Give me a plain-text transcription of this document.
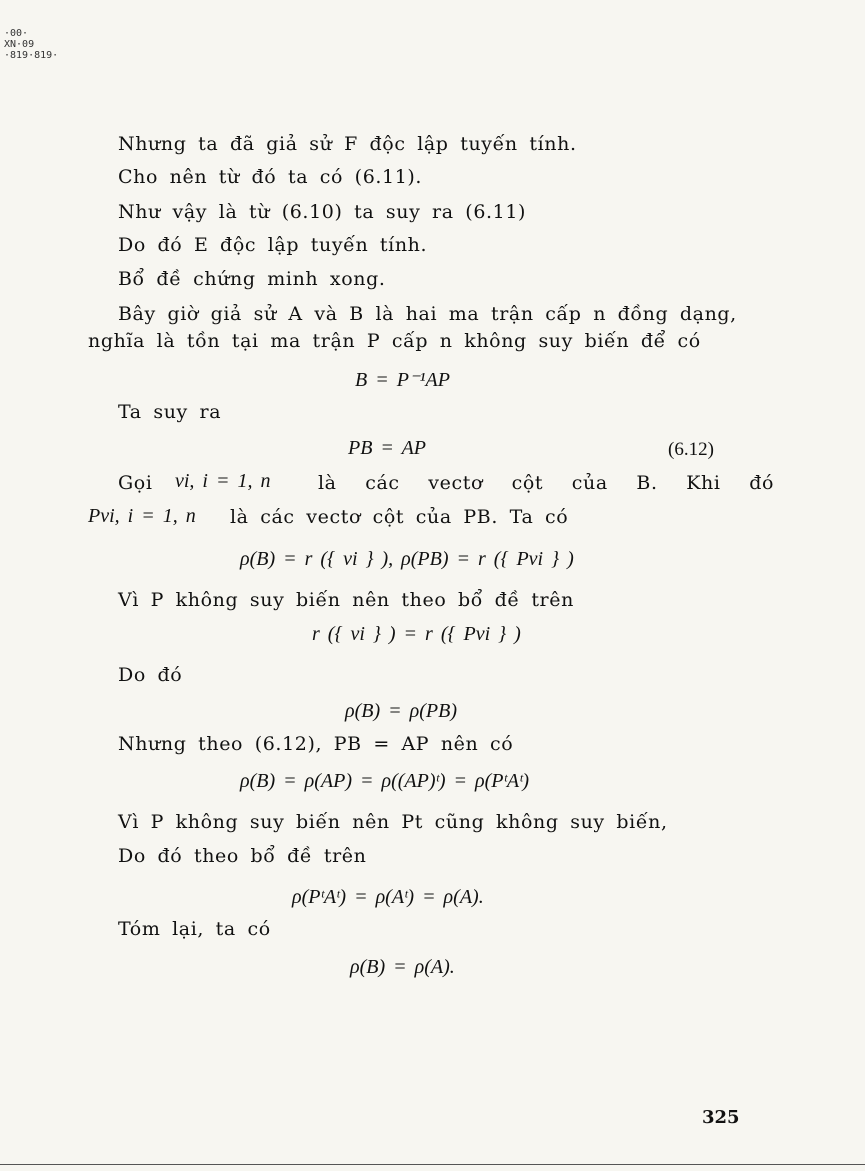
·00·
XN·09
·819·819·
Nhưng ta đã giả sử F độc lập tuyến tính.
Cho nên từ đó ta có (6.11).
Như vậy là từ (6.10) ta suy ra (6.11)
Do đó E độc lập tuyến tính.
Bổ đề chứng minh xong.
Bây giờ giả sử A và B là hai ma trận cấp n đồng dạng,
nghĩa là tồn tại ma trận P cấp n không suy biến để có
B = P⁻¹AP
Ta suy ra
PB = AP	(6.12)
Gọi vi, i = 1, n	là các vectơ cột của B. Khi đó
Pvi, i = 1, n là các vectơ cột của PB. Ta có
ρ(B) = r ({ vi } ), ρ(PB) = r ({ Pvi } )
Vì P không suy biến nên theo bổ đề trên
r ({ vi } ) = r ({ Pvi } )
Do đó
ρ(B) = ρ(PB)
Nhưng theo (6.12), PB = AP nên có
ρ(B) = ρ(AP) = ρ((AP)ᵗ) = ρ(PᵗAᵗ)
Vì P không suy biến nên Pt cũng không suy biến,
Do đó theo bổ đề trên
ρ(PᵗAᵗ) = ρ(Aᵗ) = ρ(A).
Tóm lại, ta có
ρ(B) = ρ(A).
325
